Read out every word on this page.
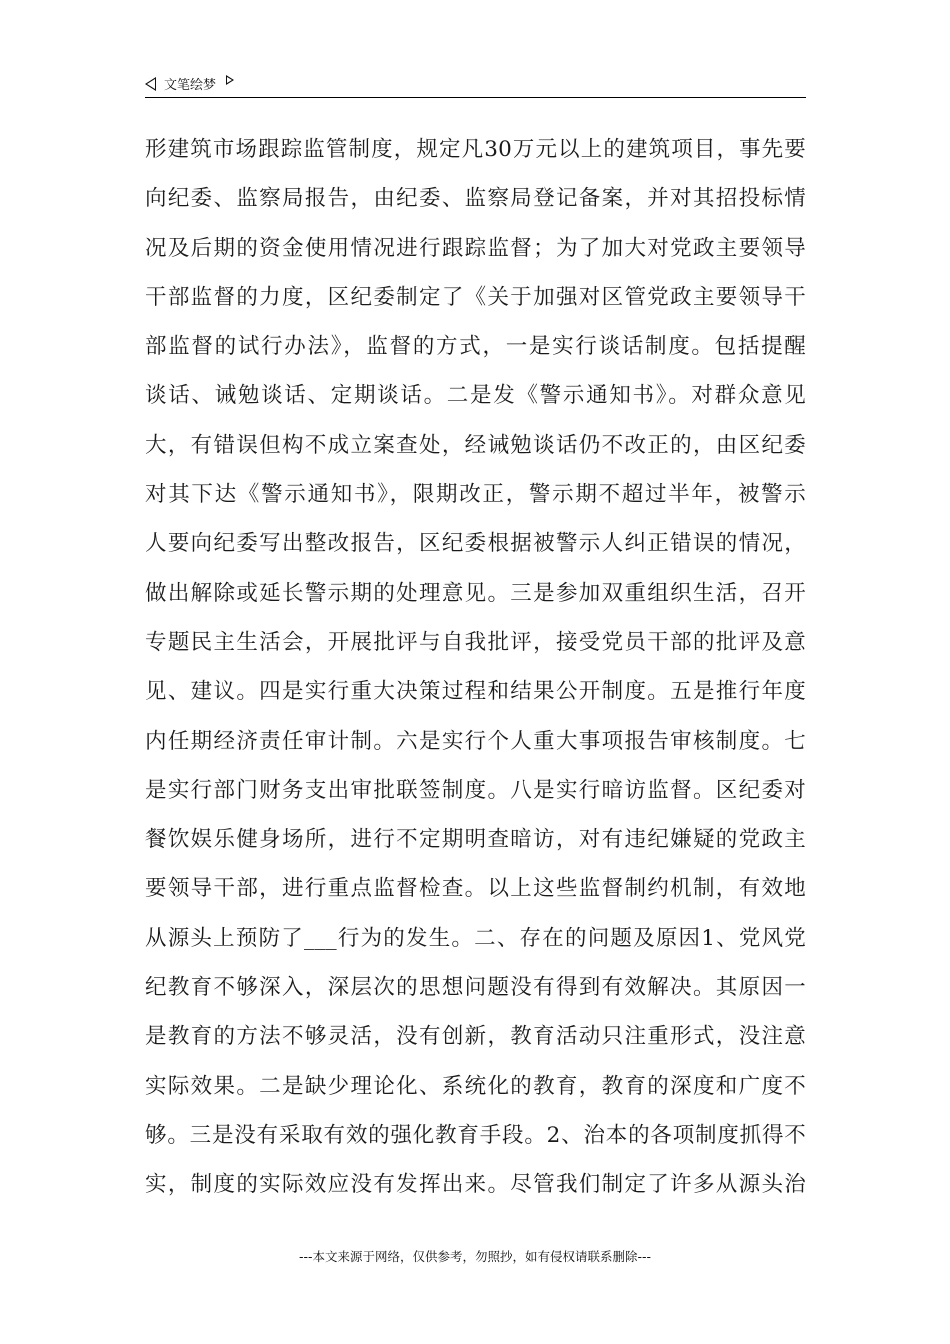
文笔绘梦
形建筑市场跟踪监管制度，规定凡30万元以上的建筑项目，事先要
向纪委、监察局报告，由纪委、监察局登记备案，并对其招投标情
况及后期的资金使用情况进行跟踪监督；为了加大对党政主要领导
干部监督的力度，区纪委制定了《关于加强对区管党政主要领导干
部监督的试行办法》，监督的方式，一是实行谈话制度。包括提醒
谈话、诫勉谈话、定期谈话。二是发《警示通知书》。对群众意见
大，有错误但构不成立案查处，经诫勉谈话仍不改正的，由区纪委
对其下达《警示通知书》，限期改正，警示期不超过半年，被警示
人要向纪委写出整改报告，区纪委根据被警示人纠正错误的情况，
做出解除或延长警示期的处理意见。三是参加双重组织生活，召开
专题民主生活会，开展批评与自我批评，接受党员干部的批评及意
见、建议。四是实行重大决策过程和结果公开制度。五是推行年度
内任期经济责任审计制。六是实行个人重大事项报告审核制度。七
是实行部门财务支出审批联签制度。八是实行暗访监督。区纪委对
餐饮娱乐健身场所，进行不定期明查暗访，对有违纪嫌疑的党政主
要领导干部，进行重点监督检查。以上这些监督制约机制，有效地
从源头上预防了___行为的发生。二、存在的问题及原因1、党风党
纪教育不够深入，深层次的思想问题没有得到有效解决。其原因一
是教育的方法不够灵活，没有创新，教育活动只注重形式，没注意
实际效果。二是缺少理论化、系统化的教育，教育的深度和广度不
够。三是没有采取有效的强化教育手段。2、治本的各项制度抓得不
实，制度的实际效应没有发挥出来。尽管我们制定了许多从源头治
---本文来源于网络，仅供参考，勿照抄，如有侵权请联系删除---
